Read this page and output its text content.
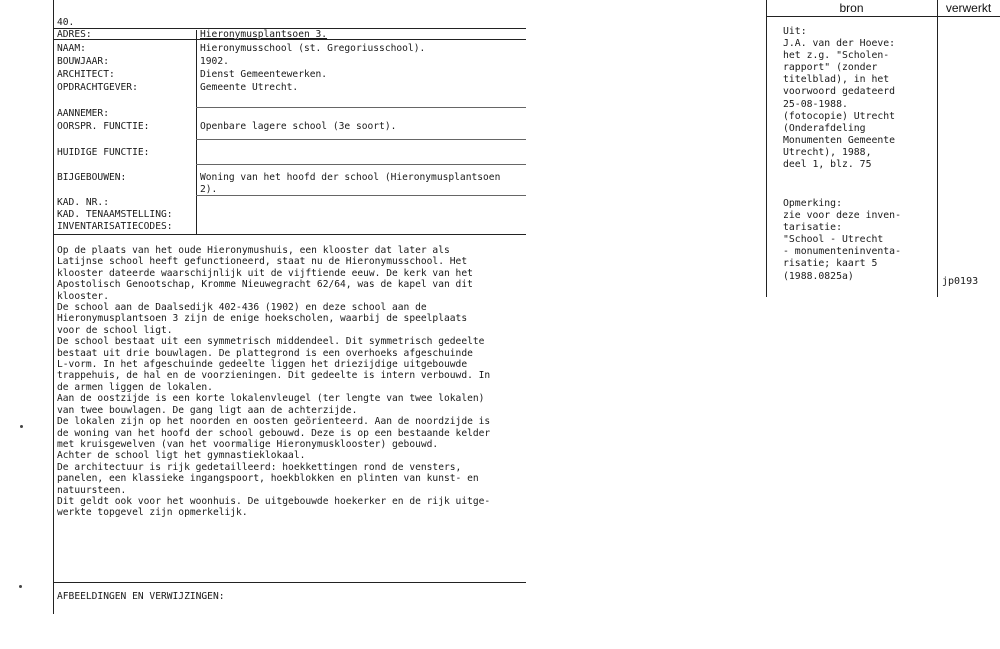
40.
ADRES:
NAAM:
BOUWJAAR:
ARCHITECT:
OPDRACHTGEVER:
AANNEMER:
OORSPR. FUNCTIE:
HUIDIGE FUNCTIE:
BIJGEBOUWEN:
KAD. NR.:
KAD. TENAAMSTELLING:
INVENTARISATIECODES:
Hieronymusplantsoen 3.
Hieronymusschool (st. Gregoriusschool).
1902.
Dienst Gemeentewerken.
Gemeente Utrecht.
Openbare lagere school (3e soort).
Woning van het hoofd der school (Hieronymusplantsoen
2).
Op de plaats van het oude Hieronymushuis, een klooster dat later als
Latijnse school heeft gefunctioneerd, staat nu de Hieronymusschool. Het
klooster dateerde waarschijnlijk uit de vijftiende eeuw. De kerk van het
Apostolisch Genootschap, Kromme Nieuwegracht 62/64, was de kapel van dit
klooster.
De school aan de Daalsedijk 402-436 (1902) en deze school aan de
Hieronymusplantsoen 3 zijn de enige hoekscholen, waarbij de speelplaats
voor de school ligt.
De school bestaat uit een symmetrisch middendeel. Dit symmetrisch gedeelte
bestaat uit drie bouwlagen. De plattegrond is een overhoeks afgeschuinde
L-vorm. In het afgeschuinde gedeelte liggen het driezijdige uitgebouwde
trappehuis, de hal en de voorzieningen. Dit gedeelte is intern verbouwd. In
de armen liggen de lokalen.
Aan de oostzijde is een korte lokalenvleugel (ter lengte van twee lokalen)
van twee bouwlagen. De gang ligt aan de achterzijde.
De lokalen zijn op het noorden en oosten geörienteerd. Aan de noordzijde is
de woning van het hoofd der school gebouwd. Deze is op een bestaande kelder
met kruisgewelven (van het voormalige Hieronymusklooster) gebouwd.
Achter de school ligt het gymnastieklokaal.
De architectuur is rijk gedetailleerd: hoekkettingen rond de vensters,
panelen, een klassieke ingangspoort, hoekblokken en plinten van kunst- en
natuursteen.
Dit geldt ook voor het woonhuis. De uitgebouwde hoekerker en de rijk uitge-
werkte topgevel zijn opmerkelijk.
AFBEELDINGEN EN VERWIJZINGEN:
bron	verwerkt
Uit:
J.A. van der Hoeve:
het z.g. "Scholen-
rapport" (zonder
titelblad), in het
voorwoord gedateerd
25-08-1988.
(fotocopie) Utrecht
(Onderafdeling
Monumenten Gemeente
Utrecht), 1988,
deel 1, blz. 75
Opmerking:
zie voor deze inven-
tarisatie:
"School - Utrecht
- monumenteninventa-
risatie; kaart 5
(1988.0825a)	jp0193
